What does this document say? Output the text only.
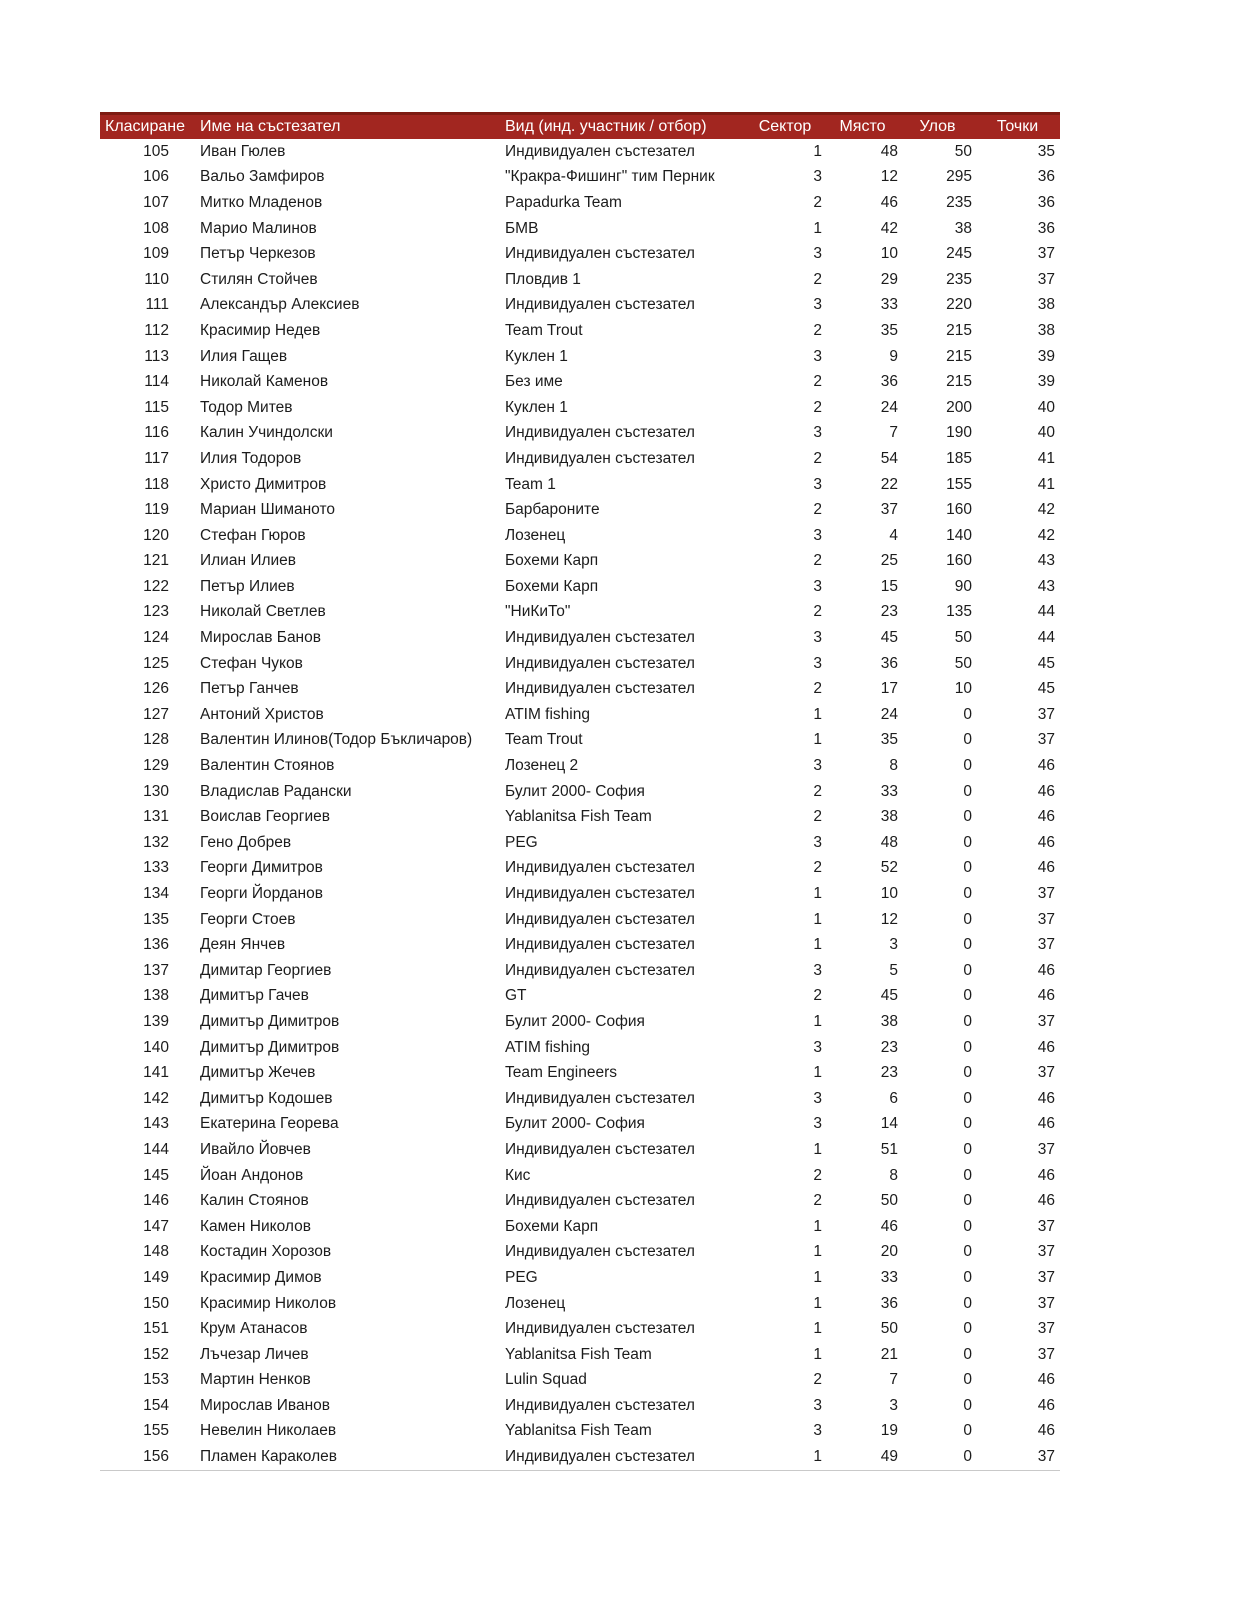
Класиране	Име на състезател	Вид (инд. участник / отбор)	Сектор	Място	Улов	Точки
105	Иван Гюлев	Индивидуален състезател	1	48	50	35
106	Вальо Замфиров	"Кракра-Фишинг" тим Перник	3	12	295	36
107	Митко Младенов	Papadurka Team	2	46	235	36
108	Марио Малинов	БМВ	1	42	38	36
109	Петър Черкезов	Индивидуален състезател	3	10	245	37
110	Стилян Стойчев	Пловдив 1	2	29	235	37
111	Александър Алексиев	Индивидуален състезател	3	33	220	38
112	Красимир Недев	Team Trout	2	35	215	38
113	Илия Гащев	Куклен 1	3	9	215	39
114	Николай Каменов	Без име	2	36	215	39
115	Тодор Митев	Куклен 1	2	24	200	40
116	Калин Учиндолски	Индивидуален състезател	3	7	190	40
117	Илия Тодоров	Индивидуален състезател	2	54	185	41
118	Христо Димитров	Team 1	3	22	155	41
119	Мариан Шиманото	Барбароните	2	37	160	42
120	Стефан Гюров	Лозенец	3	4	140	42
121	Илиан Илиев	Бохеми Карп	2	25	160	43
122	Петър Илиев	Бохеми Карп	3	15	90	43
123	Николай Светлев	"НиКиТо"	2	23	135	44
124	Мирослав Банов	Индивидуален състезател	3	45	50	44
125	Стефан Чуков	Индивидуален състезател	3	36	50	45
126	Петър Ганчев	Индивидуален състезател	2	17	10	45
127	Антоний Христов	ATIM fishing	1	24	0	37
128	Валентин Илинов(Тодор Бъкличаров)	Team Trout	1	35	0	37
129	Валентин Стоянов	Лозенец 2	3	8	0	46
130	Владислав Радански	Булит 2000- София	2	33	0	46
131	Воислав Георгиев	Yablanitsa Fish Team	2	38	0	46
132	Гено Добрев	PEG	3	48	0	46
133	Георги Димитров	Индивидуален състезател	2	52	0	46
134	Георги Йорданов	Индивидуален състезател	1	10	0	37
135	Георги Стоев	Индивидуален състезател	1	12	0	37
136	Деян Янчев	Индивидуален състезател	1	3	0	37
137	Димитар Георгиев	Индивидуален състезател	3	5	0	46
138	Димитър Гачев	GT	2	45	0	46
139	Димитър Димитров	Булит 2000- София	1	38	0	37
140	Димитър Димитров	ATIM fishing	3	23	0	46
141	Димитър Жечев	Team Engineers	1	23	0	37
142	Димитър Кодошев	Индивидуален състезател	3	6	0	46
143	Екатерина Георева	Булит 2000- София	3	14	0	46
144	Ивайло Йовчев	Индивидуален състезател	1	51	0	37
145	Йоан Андонов	Кис	2	8	0	46
146	Калин Стоянов	Индивидуален състезател	2	50	0	46
147	Камен Николов	Бохеми Карп	1	46	0	37
148	Костадин Хорозов	Индивидуален състезател	1	20	0	37
149	Красимир Димов	PEG	1	33	0	37
150	Красимир Николов	Лозенец	1	36	0	37
151	Крум Атанасов	Индивидуален състезател	1	50	0	37
152	Лъчезар Личев	Yablanitsa Fish Team	1	21	0	37
153	Мартин Ненков	Lulin Squad	2	7	0	46
154	Мирослав Иванов	Индивидуален състезател	3	3	0	46
155	Невелин Николаев	Yablanitsa Fish Team	3	19	0	46
156	Пламен Караколев	Индивидуален състезател	1	49	0	37
